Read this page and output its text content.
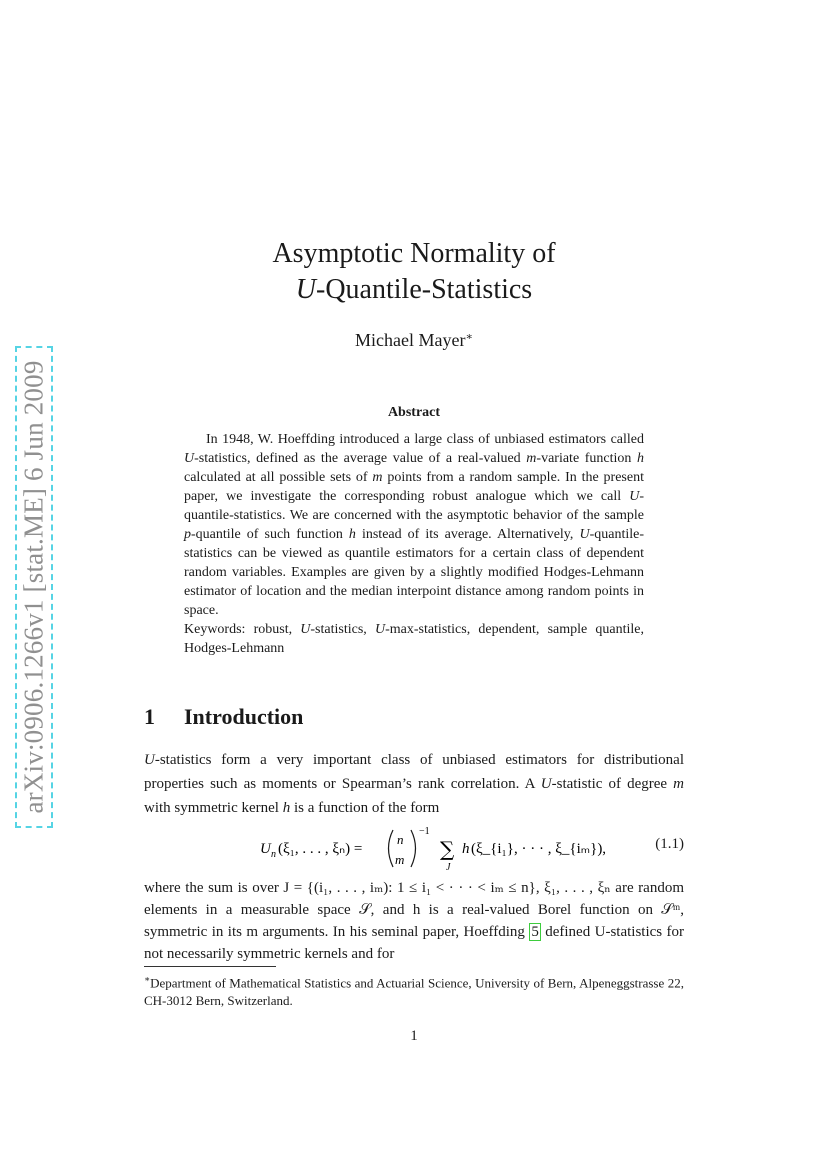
arXiv:0906.1266v1 [stat.ME] 6 Jun 2009
Asymptotic Normality of
U-Quantile-Statistics
Michael Mayer∗
Abstract

In 1948, W. Hoeffding introduced a large class of unbiased estimators called U-statistics, defined as the average value of a real-valued m-variate function h calculated at all possible sets of m points from a random sample. In the present paper, we investigate the corresponding robust analogue which we call U-quantile-statistics. We are concerned with the asymptotic behavior of the sample p-quantile of such function h instead of its average. Alternatively, U-quantile-statistics can be viewed as quantile estimators for a certain class of dependent random variables. Examples are given by a slightly modified Hodges-Lehmann estimator of location and the median interpoint distance among random points in space.

Keywords: robust, U-statistics, U-max-statistics, dependent, sample quantile, Hodges-Lehmann

1 Introduction

U-statistics form a very important class of unbiased estimators for distributional properties such as moments or Spearman’s rank correlation. A U-statistic of degree m with symmetric kernel h is a function of the form

U n (ξ₁, . . . , ξₙ) =
n
m
−1
∑
J
h (ξ_{i₁}, · · · , ξ_{iₘ}),	(1.1)

where the sum is over J = {(i₁, . . . , iₘ): 1 ≤ i₁ < · · · < iₘ ≤ n}, ξ₁, . . . , ξₙ are random elements in a measurable space 𝒮, and h is a real-valued Borel function on 𝒮ᵐ, symmetric in its m arguments. In his seminal paper, Hoeffding 5 defined U-statistics for not necessarily symmetric kernels and for

∗Department of Mathematical Statistics and Actuarial Science, University of Bern, Alpeneggstrasse 22, CH-3012 Bern, Switzerland.

1
